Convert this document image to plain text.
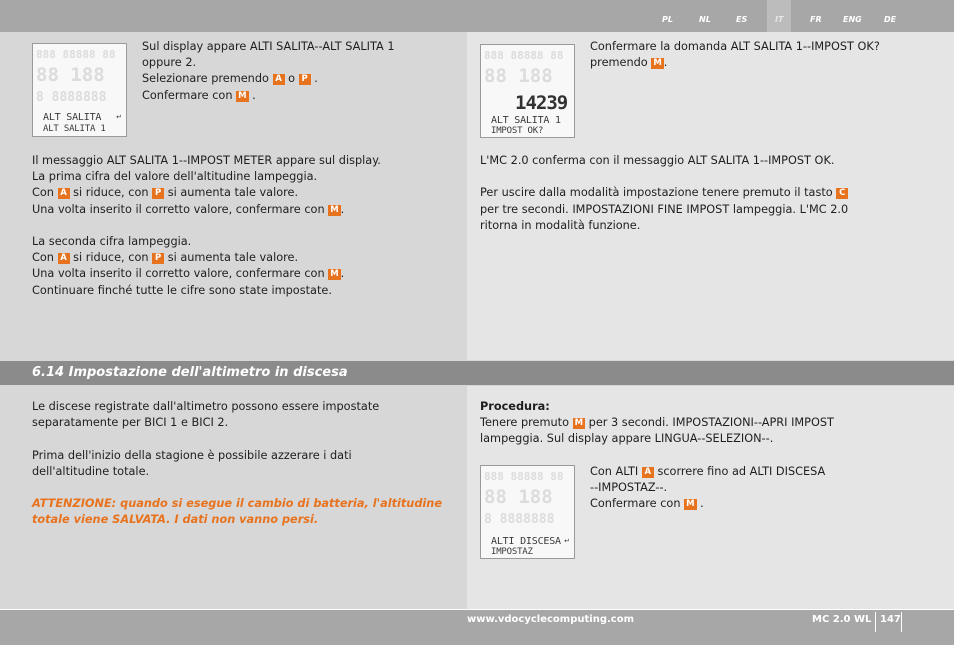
PL	NL	ES	IT	FR	ENG	DE
888 88888 88
88 188
8 8888888
ALT SALITA ↵
ALT SALITA 1
888 88888 88
88 188
14239
ALT SALITA 1
IMPOST OK?
888 88888 88
88 188
8 8888888
ALTI DISCESA ↵
IMPOSTAZ
Sul display appare ALTI SALITA--ALT SALITA 1
oppure 2.
Selezionare premendo A o P .
Confermare con M .
Il messaggio ALT SALITA 1--IMPOST METER appare sul display.
La prima cifra del valore dell'altitudine lampeggia.
Con A si riduce, con P si aumenta tale valore.
Una volta inserito il corretto valore, confermare con M .
La seconda cifra lampeggia.
Con A si riduce, con P si aumenta tale valore.
Una volta inserito il corretto valore, confermare con M .
Continuare finché tutte le cifre sono state impostate.
Confermare la domanda ALT SALITA 1--IMPOST OK?
premendo M .
L'MC 2.0 conferma con il messaggio ALT SALITA 1--IMPOST OK.
Per uscire dalla modalità impostazione tenere premuto il tasto C
per tre secondi. IMPOSTAZIONI FINE IMPOST lampeggia. L'MC 2.0
ritorna in modalità funzione.
6.14 Impostazione dell'altimetro in discesa
Le discese registrate dall'altimetro possono essere impostate
separatamente per BICI 1 e BICI 2.
Prima dell'inizio della stagione è possibile azzerare i dati
dell'altitudine totale.
ATTENZIONE: quando si esegue il cambio di batteria, l'altitudine
totale viene SALVATA. I dati non vanno persi.
Procedura:
Tenere premuto M per 3 secondi. IMPOSTAZIONI--APRI IMPOST
lampeggia. Sul display appare LINGUA--SELEZION--.
Con ALTI A scorrere fino ad ALTI DISCESA
--IMPOSTAZ--.
Confermare con M .
www.vdocyclecomputing.com	MC 2.0 WL 147
